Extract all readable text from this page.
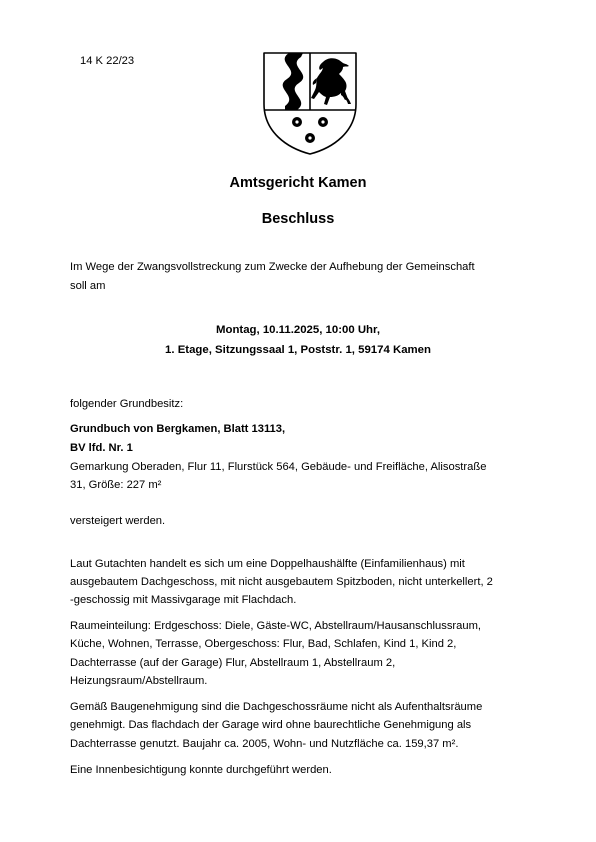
14 K 22/23
Amtsgericht Kamen
Beschluss
Im Wege der Zwangsvollstreckung zum Zwecke der Aufhebung der Gemeinschaft
soll am
Montag, 10.11.2025, 10:00 Uhr,
1. Etage, Sitzungssaal 1, Poststr. 1, 59174 Kamen
folgender Grundbesitz:
Grundbuch von Bergkamen, Blatt 13113,
BV lfd. Nr. 1
Gemarkung Oberaden, Flur 11, Flurstück 564, Gebäude- und Freifläche, Alisostraße
31, Größe: 227 m²
versteigert werden.
Laut Gutachten handelt es sich um eine Doppelhaushälfte (Einfamilienhaus) mit
ausgebautem Dachgeschoss, mit nicht ausgebautem Spitzboden, nicht unterkellert, 2
-geschossig mit Massivgarage mit Flachdach.
Raumeinteilung: Erdgeschoss: Diele, Gäste-WC, Abstellraum/Hausanschlussraum,
Küche, Wohnen, Terrasse, Obergeschoss: Flur, Bad, Schlafen, Kind 1, Kind 2,
Dachterrasse (auf der Garage) Flur, Abstellraum 1, Abstellraum 2,
Heizungsraum/Abstellraum.
Gemäß Baugenehmigung sind die Dachgeschossräume nicht als Aufenthaltsräume
genehmigt. Das flachdach der Garage wird ohne baurechtliche Genehmigung als
Dachterrasse genutzt. Baujahr ca. 2005, Wohn- und Nutzfläche ca. 159,37 m².
Eine Innenbesichtigung konnte durchgeführt werden.
